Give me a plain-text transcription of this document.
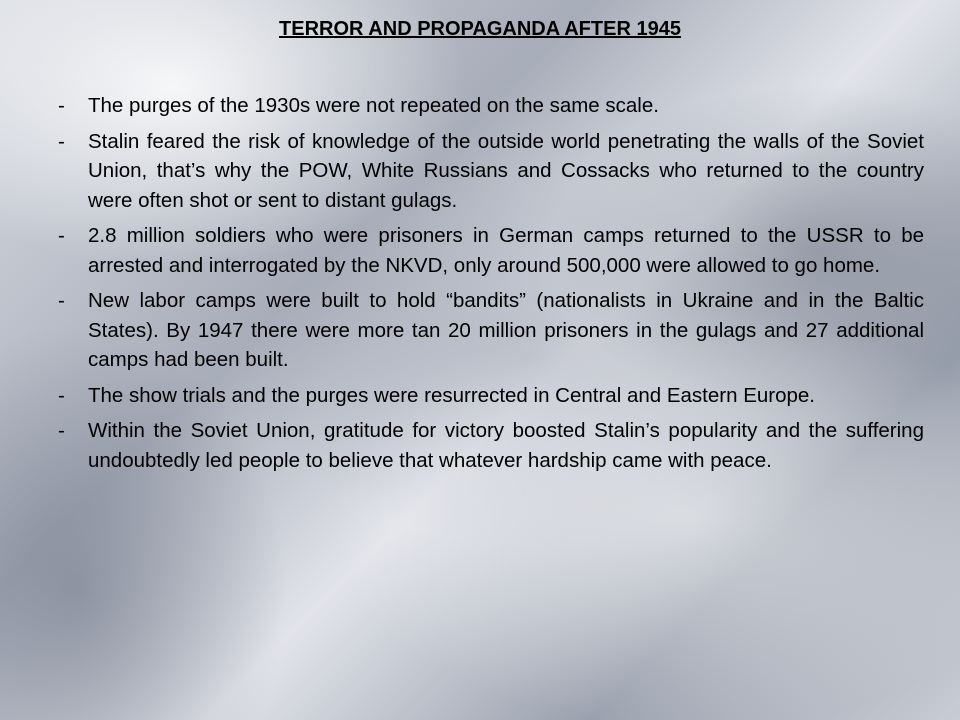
TERROR AND PROPAGANDA AFTER 1945
-	The purges of the 1930s were not repeated on the same scale.
-	Stalin feared the risk of knowledge of the outside world penetrating the walls of the Soviet Union, that’s why the POW, White Russians and Cossacks who returned to the country were often shot or sent to distant gulags.
-	2.8 million soldiers who were prisoners in German camps returned to the USSR to be arrested and interrogated by the NKVD, only around 500,000 were allowed to go home.
-	New labor camps were built to hold “bandits” (nationalists in Ukraine and in the Baltic States). By 1947 there were more tan 20 million prisoners in the gulags and 27 additional camps had been built.
-	The show trials and the purges were resurrected in Central and Eastern Europe.
-	Within the Soviet Union, gratitude for victory boosted Stalin’s popularity and the suffering undoubtedly led people to believe that whatever hardship came with peace.
